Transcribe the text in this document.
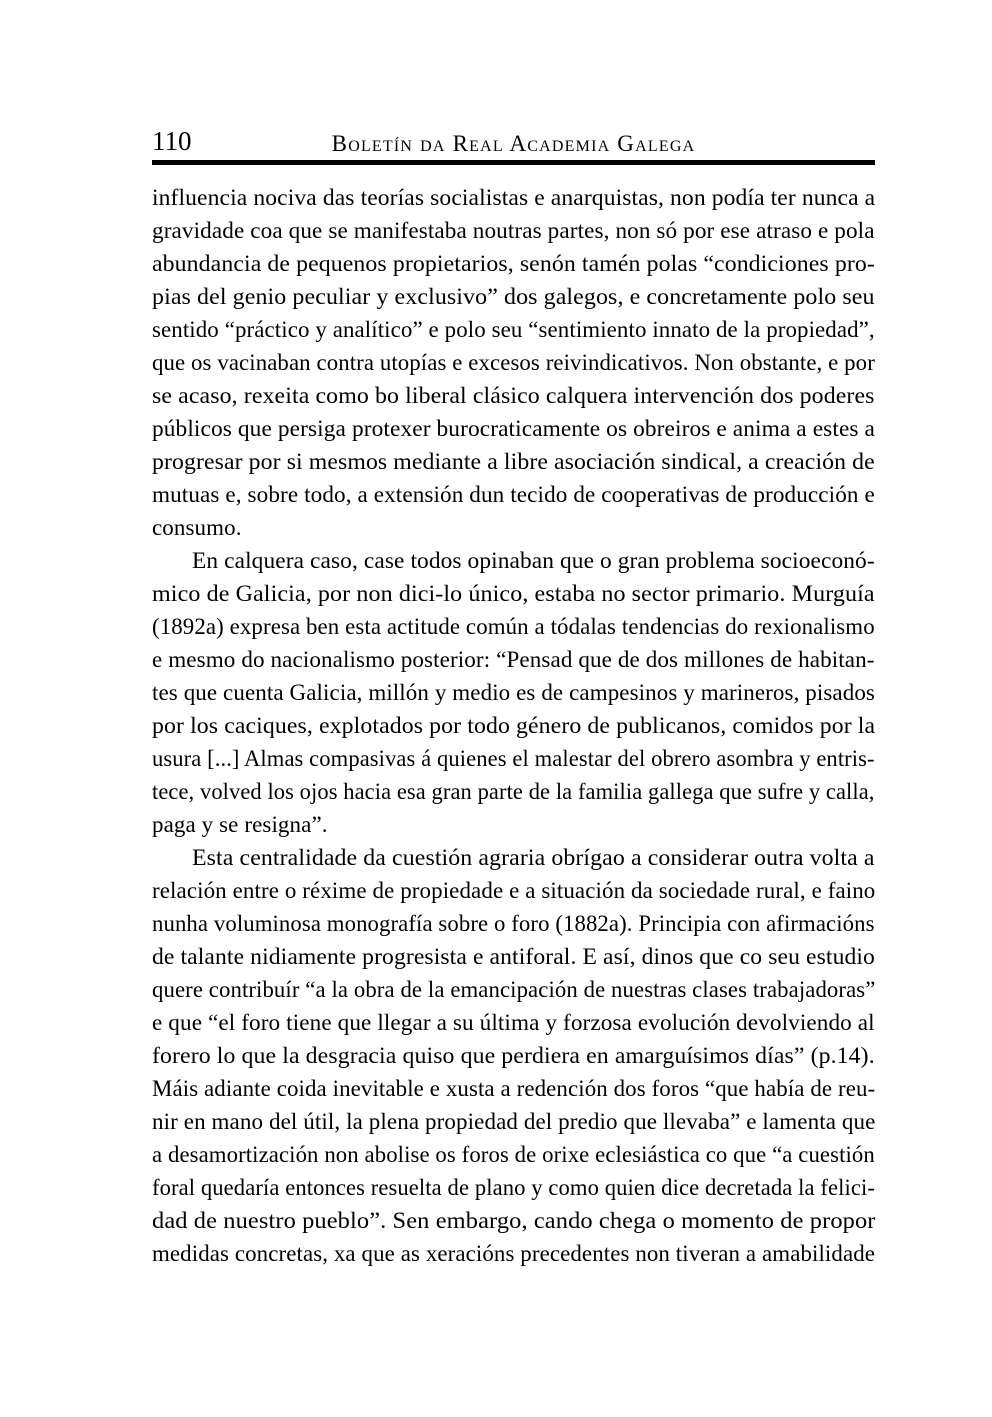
110	Boletín da Real Academia Galega
influencia nociva das teorías socialistas e anarquistas, non podía ter nunca a
gravidade coa que se manifestaba noutras partes, non só por ese atraso e pola
abundancia de pequenos propietarios, senón tamén polas “condiciones pro-
pias del genio peculiar y exclusivo” dos galegos, e concretamente polo seu
sentido “práctico y analítico” e polo seu “sentimiento innato de la propiedad”,
que os vacinaban contra utopías e excesos reivindicativos. Non obstante, e por
se acaso, rexeita como bo liberal clásico calquera intervención dos poderes
públicos que persiga protexer burocraticamente os obreiros e anima a estes a
progresar por si mesmos mediante a libre asociación sindical, a creación de
mutuas e, sobre todo, a extensión dun tecido de cooperativas de producción e
consumo.
En calquera caso, case todos opinaban que o gran problema socioeconó-
mico de Galicia, por non dici-lo único, estaba no sector primario. Murguía
(1892a) expresa ben esta actitude común a tódalas tendencias do rexionalismo
e mesmo do nacionalismo posterior: “Pensad que de dos millones de habitan-
tes que cuenta Galicia, millón y medio es de campesinos y marineros, pisados
por los caciques, explotados por todo género de publicanos, comidos por la
usura [...] Almas compasivas á quienes el malestar del obrero asombra y entris-
tece, volved los ojos hacia esa gran parte de la familia gallega que sufre y calla,
paga y se resigna”.
Esta centralidade da cuestión agraria obrígao a considerar outra volta a
relación entre o réxime de propiedade e a situación da sociedade rural, e faino
nunha voluminosa monografía sobre o foro (1882a). Principia con afirmacións
de talante nidiamente progresista e antiforal. E así, dinos que co seu estudio
quere contribuír “a la obra de la emancipación de nuestras clases trabajadoras”
e que “el foro tiene que llegar a su última y forzosa evolución devolviendo al
forero lo que la desgracia quiso que perdiera en amarguísimos días” (p.14).
Máis adiante coida inevitable e xusta a redención dos foros “que había de reu-
nir en mano del útil, la plena propiedad del predio que llevaba” e lamenta que
a desamortización non abolise os foros de orixe eclesiástica co que “a cuestión
foral quedaría entonces resuelta de plano y como quien dice decretada la felici-
dad de nuestro pueblo”. Sen embargo, cando chega o momento de propor
medidas concretas, xa que as xeracións precedentes non tiveran a amabilidade
